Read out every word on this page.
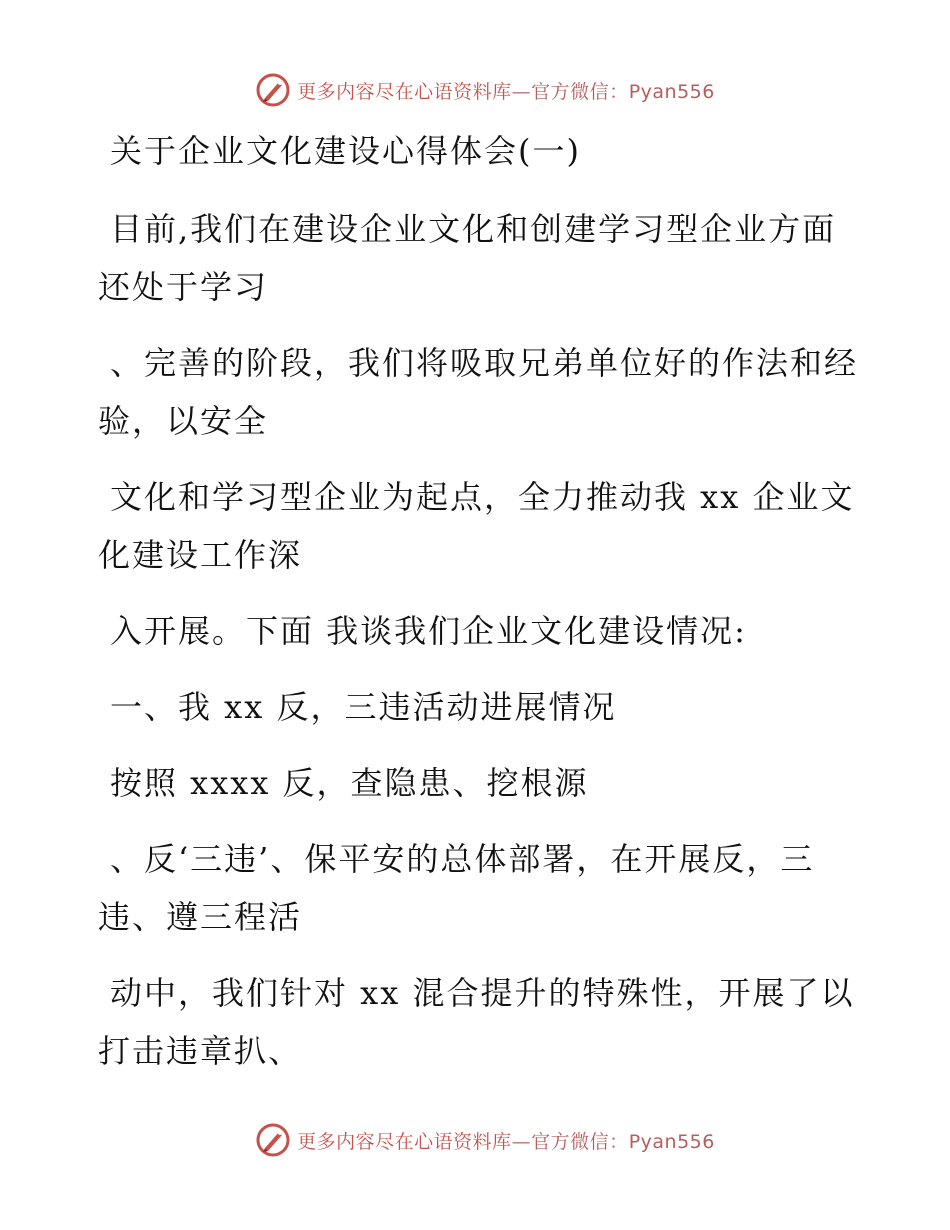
更多内容尽在心语资料库—官方微信：Pyan556

关于企业文化建设心得体会(一)

目前,我们在建设企业文化和创建学习型企业方面还处于学习

、完善的阶段，我们将吸取兄弟单位好的作法和经验，以安全

文化和学习型企业为起点，全力推动我 xx 企业文化建设工作深

入开展。下面 我谈我们企业文化建设情况:

一、我 xx 反，三违活动进展情况

按照 xxxx 反，查隐患、挖根源

、反‘三违’、保平安的总体部署，在开展反，三违、遵三程活

动中，我们针对 xx 混合提升的特殊性，开展了以打击违章扒、

更多内容尽在心语资料库—官方微信：Pyan556
